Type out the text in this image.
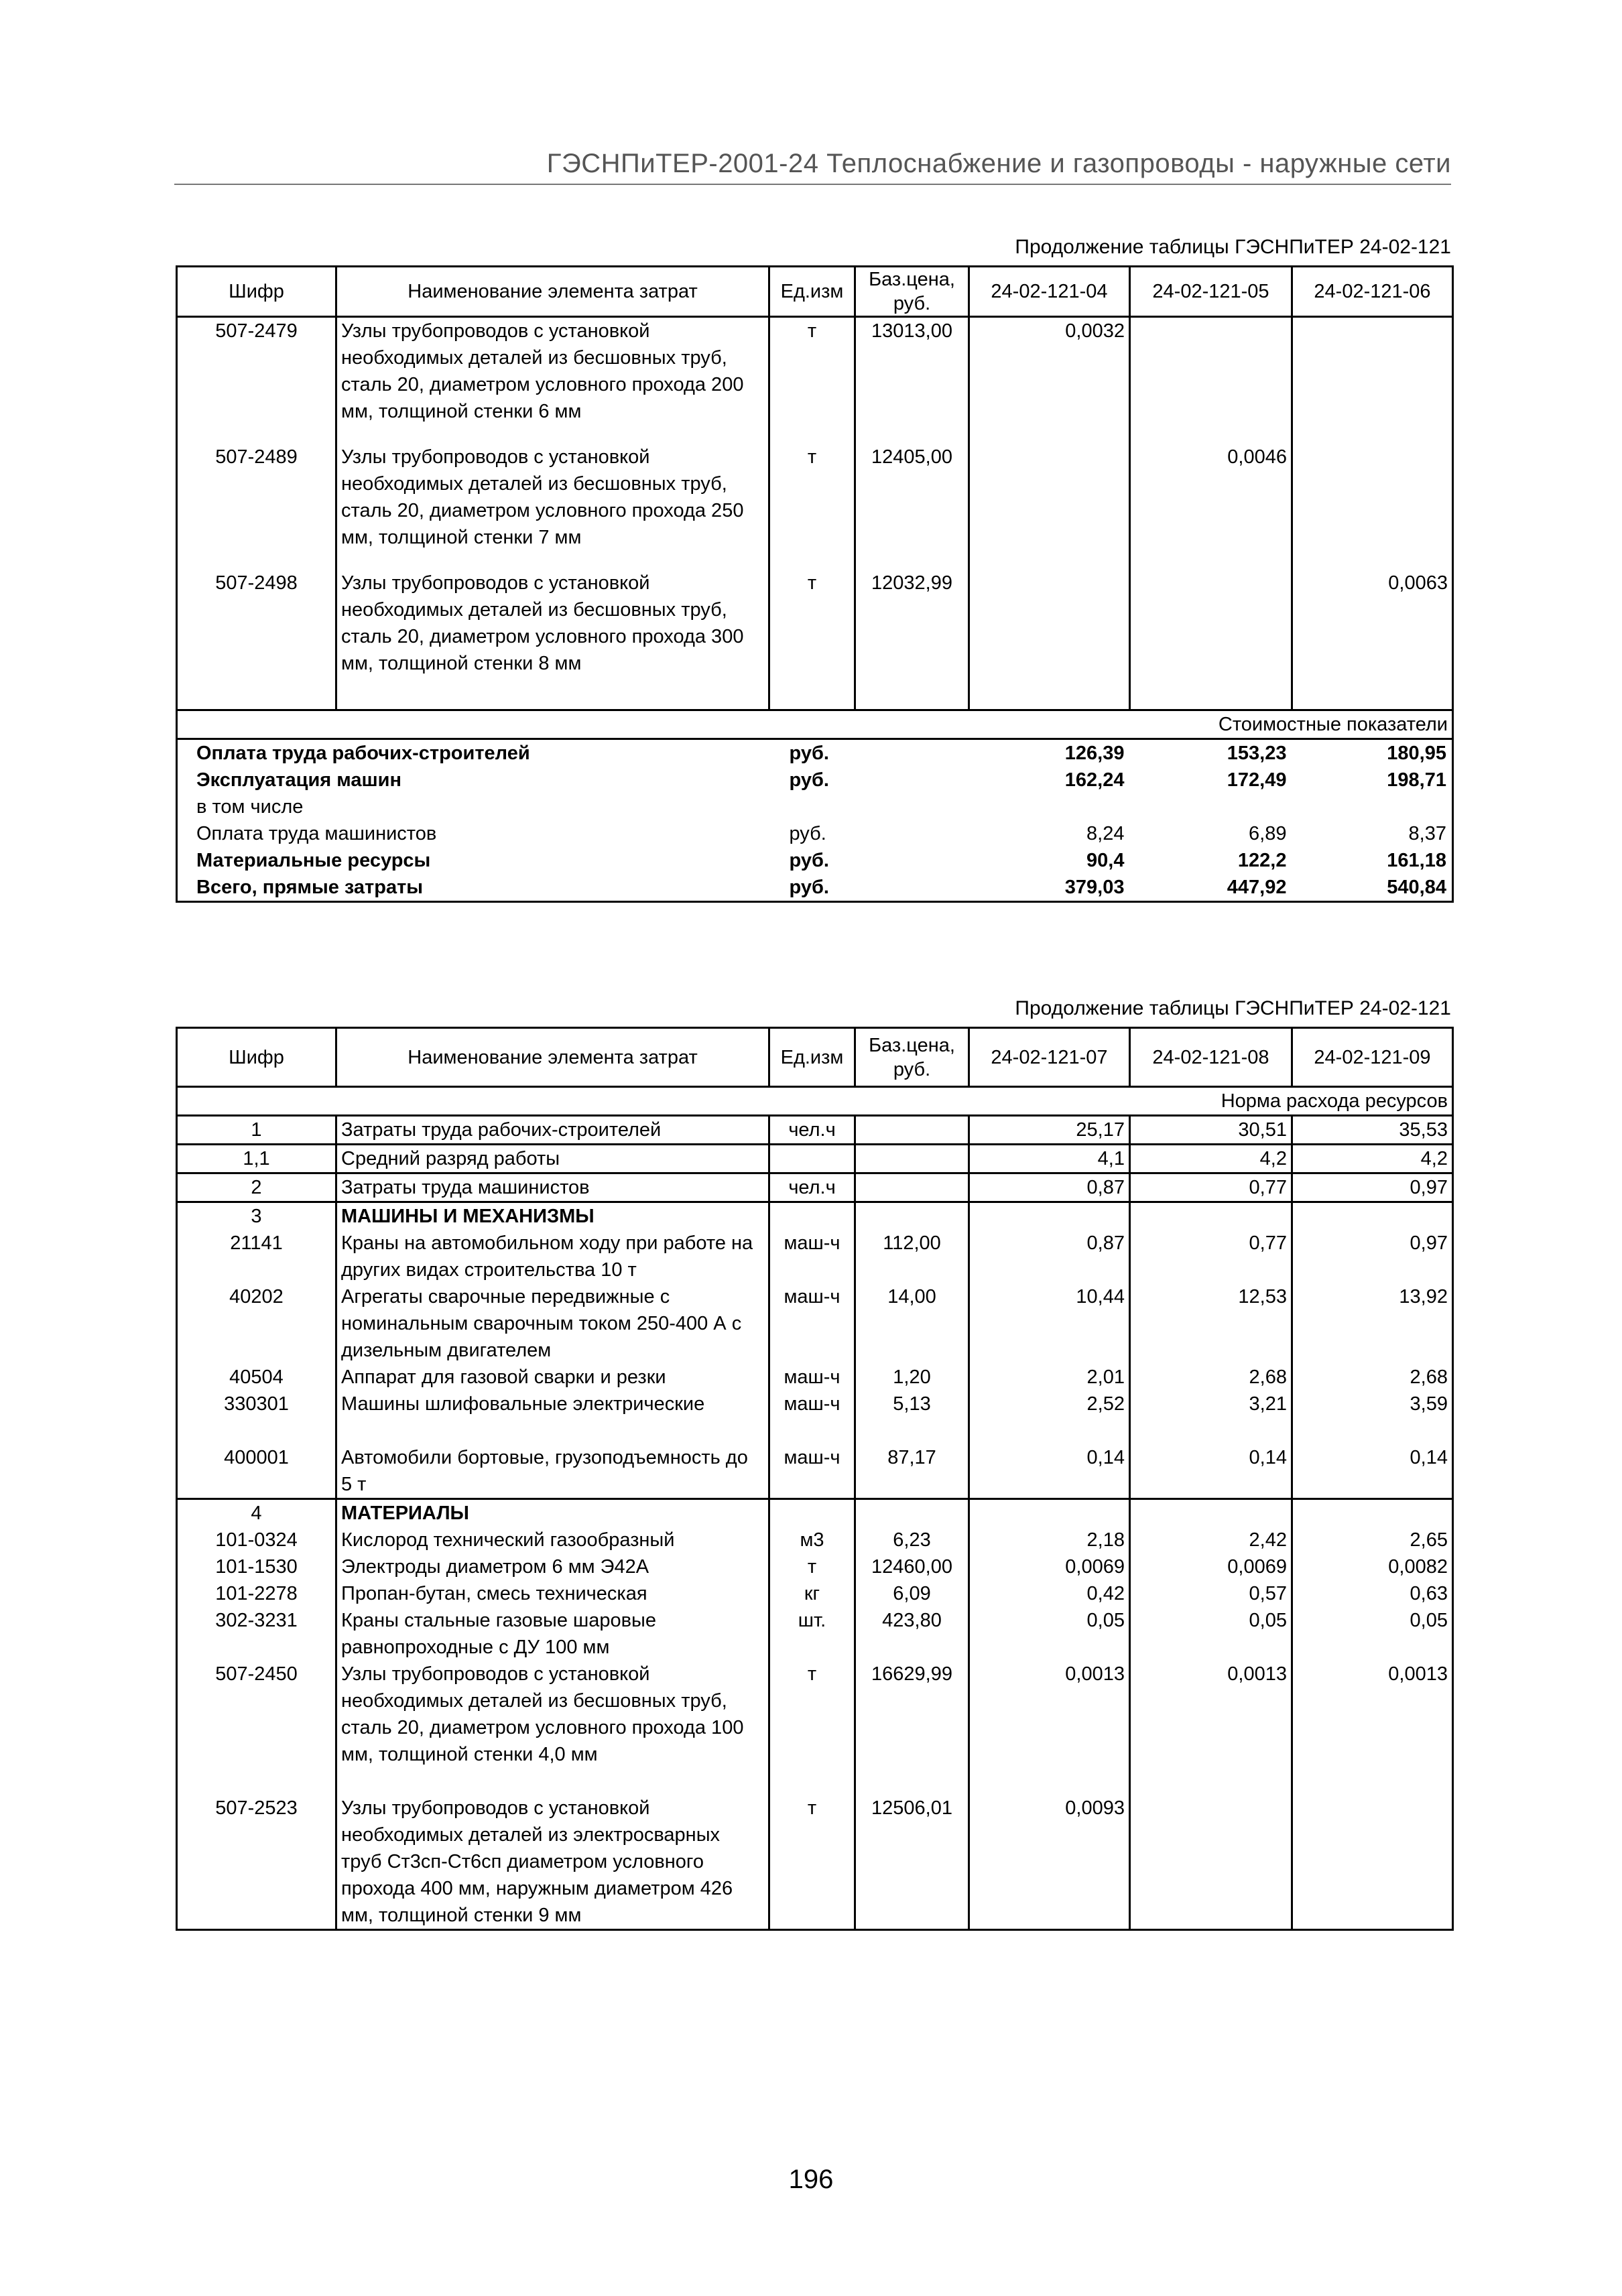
ГЭСНПиТЕР-2001-24 Теплоснабжение и газопроводы - наружные сети
Продолжение таблицы ГЭСНПиТЕР 24-02-121
Шифр	Наименование элемента затрат	Ед.изм	Баз.цена, руб.	24-02-121-04	24-02-121-05	24-02-121-06
507-2479	Узлы трубопроводов с установкой необходимых деталей из бесшовных труб, сталь 20, диаметром условного прохода 200 мм, толщиной стенки 6 мм	т	13013,00	0,0032		
507-2489	Узлы трубопроводов с установкой необходимых деталей из бесшовных труб, сталь 20, диаметром условного прохода 250 мм, толщиной стенки 7 мм	т	12405,00		0,0046	
507-2498	Узлы трубопроводов с установкой необходимых деталей из бесшовных труб, сталь 20, диаметром условного прохода 300 мм, толщиной стенки 8 мм	т	12032,99			0,0063
Стоимостные показатели						
Оплата труда рабочих-строителей		руб.		126,39	153,23	180,95
Эксплуатация машин		руб.		162,24	172,49	198,71
в том числе						
Оплата труда машинистов		руб.		8,24	6,89	8,37
Материальные ресурсы		руб.		90,4	122,2	161,18
Всего, прямые затраты		руб.		379,03	447,92	540,84
Продолжение таблицы ГЭСНПиТЕР 24-02-121
Шифр	Наименование элемента затрат	Ед.изм	Баз.цена, руб.	24-02-121-07	24-02-121-08	24-02-121-09
Норма расхода ресурсов						
1	Затраты труда рабочих-строителей	чел.ч		25,17	30,51	35,53
1,1	Средний разряд работы			4,1	4,2	4,2
2	Затраты труда машинистов	чел.ч		0,87	0,77	0,97
3	МАШИНЫ И МЕХАНИЗМЫ					
21141	Краны на автомобильном ходу при работе на других видах строительства 10 т	маш-ч	112,00	0,87	0,77	0,97
40202	Агрегаты сварочные передвижные с номинальным сварочным током 250-400 А с дизельным двигателем	маш-ч	14,00	10,44	12,53	13,92
40504	Аппарат для газовой сварки и резки	маш-ч	1,20	2,01	2,68	2,68
330301	Машины шлифовальные электрические	маш-ч	5,13	2,52	3,21	3,59
400001	Автомобили бортовые, грузоподъемность до 5 т	маш-ч	87,17	0,14	0,14	0,14
4	МАТЕРИАЛЫ					
101-0324	Кислород технический газообразный	м3	6,23	2,18	2,42	2,65
101-1530	Электроды диаметром 6 мм Э42А	т	12460,00	0,0069	0,0069	0,0082
101-2278	Пропан-бутан, смесь техническая	кг	6,09	0,42	0,57	0,63
302-3231	Краны стальные газовые шаровые равнопроходные с ДУ 100 мм	шт.	423,80	0,05	0,05	0,05
507-2450	Узлы трубопроводов с установкой необходимых деталей из бесшовных труб, сталь 20, диаметром условного прохода 100 мм, толщиной стенки 4,0 мм	т	16629,99	0,0013	0,0013	0,0013
507-2523	Узлы трубопроводов с установкой необходимых деталей из электросварных труб Ст3сп-Ст6сп диаметром условного прохода 400 мм, наружным диаметром 426 мм, толщиной стенки 9 мм	т	12506,01	0,0093		
196
